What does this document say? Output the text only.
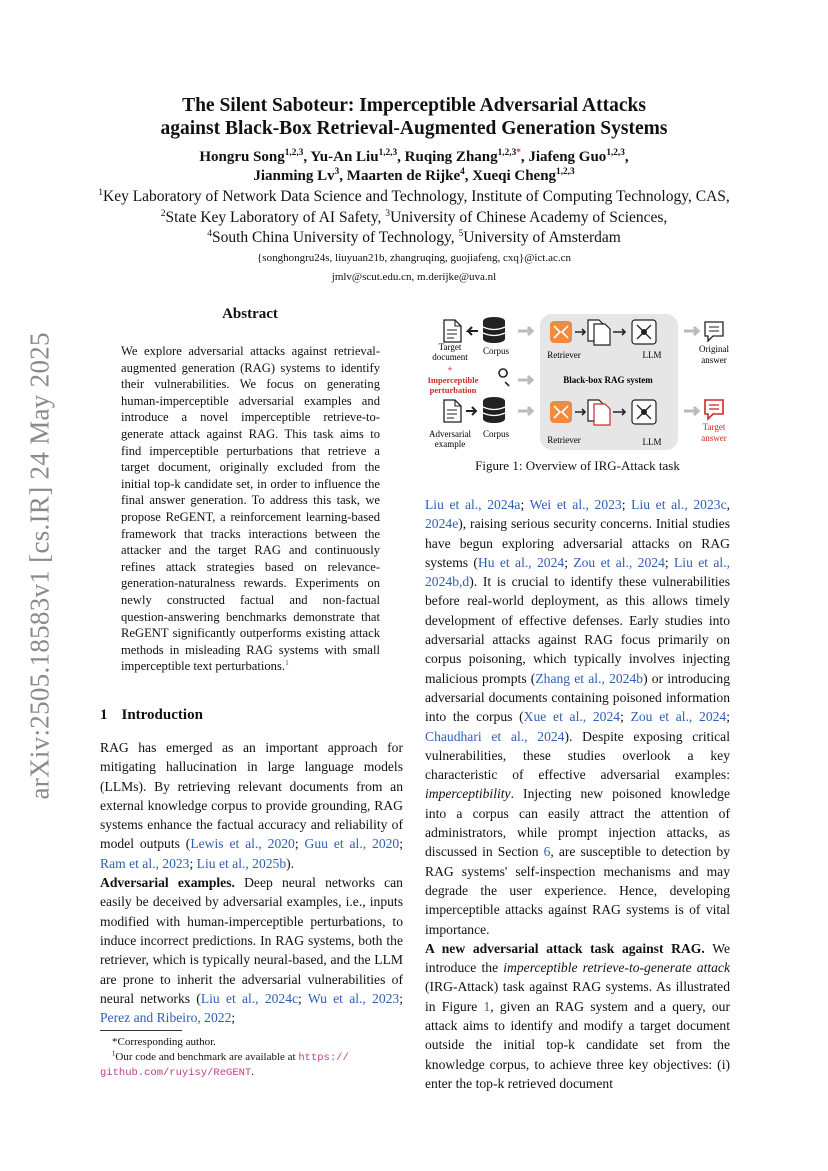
arXiv:2505.18583v1 [cs.IR] 24 May 2025
The Silent Saboteur: Imperceptible Adversarial Attacks
against Black-Box Retrieval-Augmented Generation Systems
Hongru Song$^{1,2,3}$, Yu-An Liu$^{1,2,3}$, Ruqing Zhang$^{1,2,3*}$, Jiafeng Guo$^{1,2,3}$,
Jianming Lv$^3$, Maarten de Rijke$^4$, Xueqi Cheng$^{1,2,3}$
$^1$Key Laboratory of Network Data Science and Technology, Institute of Computing Technology, CAS,
$^2$State Key Laboratory of AI Safety, $^3$University of Chinese Academy of Sciences,
$^4$South China University of Technology, $^5$University of Amsterdam
{songhongru24s, liuyuan21b, zhangruqing, guojiafeng, cxq}@ict.ac.cn
jmlv@scut.edu.cn, m.derijke@uva.nl
Abstract
We explore adversarial attacks against retrieval-augmented generation (RAG) systems to identify their vulnerabilities. We focus on generating human-imperceptible adversarial examples and introduce a novel imperceptible retrieve-to-generate attack against RAG. This task aims to find imperceptible perturbations that retrieve a target document, originally excluded from the initial top-k candidate set, in order to influence the final answer generation. To address this task, we propose ReGENT, a reinforcement learning-based framework that tracks interactions between the attacker and the target RAG and continuously refines attack strategies based on relevance-generation-naturalness rewards. Experiments on newly constructed factual and non-factual question-answering benchmarks demonstrate that ReGENT significantly outperforms existing attack methods in misleading RAG systems with small imperceptible text perturbations.$^1$
1 Introduction

RAG has emerged as an important approach for mitigating hallucination in large language models (LLMs). By retrieving relevant documents from an external knowledge corpus to provide grounding, RAG systems enhance the factual accuracy and reliability of model outputs (Lewis et al., 2020; Guu et al., 2020; Ram et al., 2023; Liu et al., 2025b).

Adversarial examples. Deep neural networks can easily be deceived by adversarial examples, i.e., inputs modified with human-imperceptible perturbations, to induce incorrect predictions. In RAG systems, both the retriever, which is typically neural-based, and the LLM are prone to inherit the adversarial vulnerabilities of neural networks (Liu et al., 2024c; Wu et al., 2023; Perez and Ribeiro, 2022;

*Corresponding author.
$^1$Our code and benchmark are available at https://
github.com/ruyisy/ReGENT.
Target
document
+
Imperceptible
perturbation
Adversarial
example
Corpus
Corpus
Retriever
Retriever
LLM
LLM
Black-box RAG system
Original
answer
Target
answer
Figure 1: Overview of IRG-Attack task

Liu et al., 2024a; Wei et al., 2023; Liu et al., 2023c, 2024e), raising serious security concerns. Initial studies have begun exploring adversarial attacks on RAG systems (Hu et al., 2024; Zou et al., 2024; Liu et al., 2024b,d). It is crucial to identify these vulnerabilities before real-world deployment, as this allows timely development of effective defenses. Early studies into adversarial attacks against RAG focus primarily on corpus poisoning, which typically involves injecting malicious prompts (Zhang et al., 2024b) or introducing adversarial documents containing poisoned information into the corpus (Xue et al., 2024; Zou et al., 2024; Chaudhari et al., 2024). Despite exposing critical vulnerabilities, these studies overlook a key characteristic of effective adversarial examples: imperceptibility. Injecting new poisoned knowledge into a corpus can easily attract the attention of administrators, while prompt injection attacks, as discussed in Section 6, are susceptible to detection by RAG systems' self-inspection mechanisms and may degrade the user experience. Hence, developing imperceptible attacks against RAG systems is of vital importance.

A new adversarial attack task against RAG. We introduce the imperceptible retrieve-to-generate attack (IRG-Attack) task against RAG systems. As illustrated in Figure 1, given an RAG system and a query, our attack aims to identify and modify a target document outside the initial top-k candidate set from the knowledge corpus, to achieve three key objectives: (i) enter the top-k retrieved document
